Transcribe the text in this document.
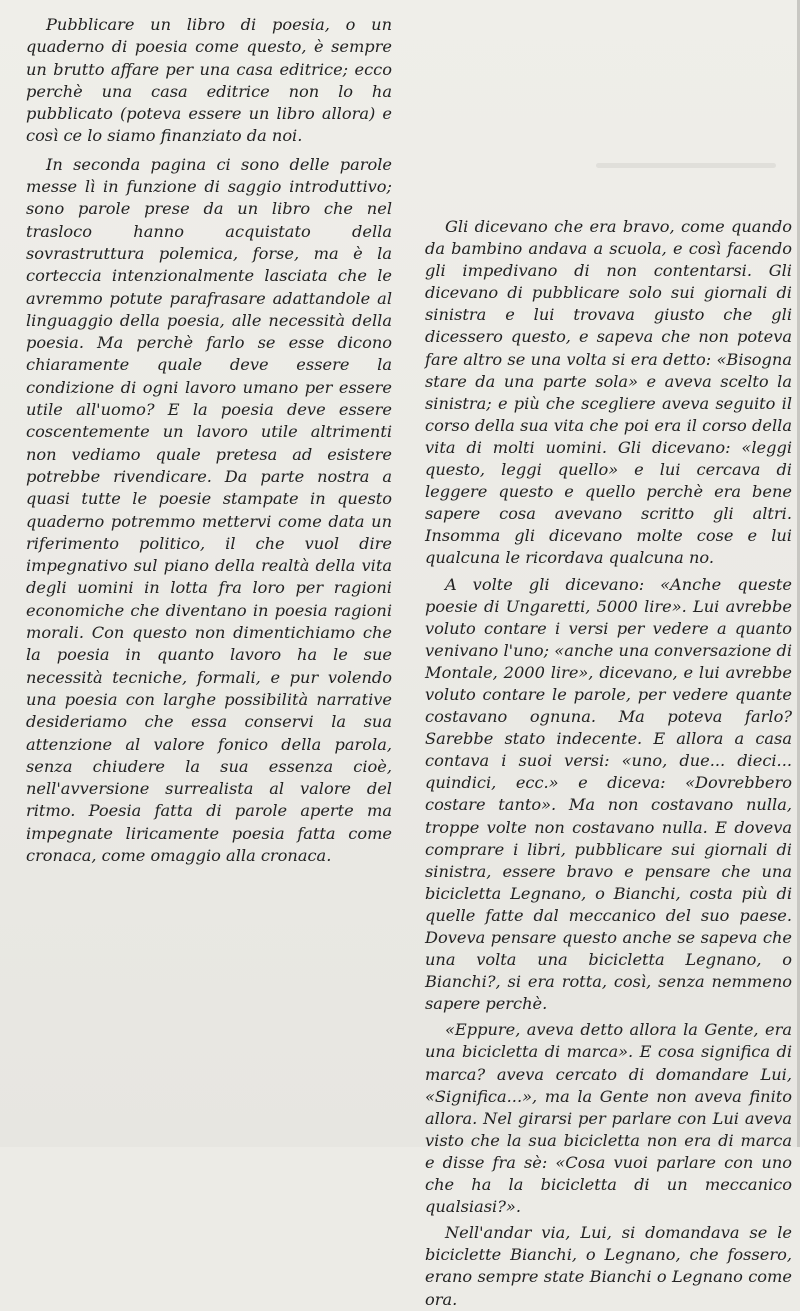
Pubblicare un libro di poesia, o un quaderno di poesia come questo, è sempre un brutto affare per una casa editrice; ecco perchè una casa editrice non lo ha pubblicato (poteva essere un libro allora) e così ce lo siamo finanziato da noi.

In seconda pagina ci sono delle parole messe lì in funzione di saggio introduttivo; sono parole prese da un libro che nel trasloco hanno acquistato della sovrastruttura polemica, forse, ma è la corteccia intenzionalmente lasciata che le avremmo potute parafrasare adattandole al linguaggio della poesia, alle necessità della poesia. Ma perchè farlo se esse dicono chiaramente quale deve essere la condizione di ogni lavoro umano per essere utile all'uomo? E la poesia deve essere coscentemente un lavoro utile altrimenti non vediamo quale pretesa ad esistere potrebbe rivendicare. Da parte nostra a quasi tutte le poesie stampate in questo quaderno potremmo mettervi come data un riferimento politico, il che vuol dire impegnativo sul piano della realtà della vita degli uomini in lotta fra loro per ragioni economiche che diventano in poesia ragioni morali. Con questo non dimentichiamo che la poesia in quanto lavoro ha le sue necessità tecniche, formali, e pur volendo una poesia con larghe possibilità narrative desideriamo che essa conservi la sua attenzione al valore fonico della parola, senza chiudere la sua essenza cioè, nell'avversione surrealista al valore del ritmo. Poesia fatta di parole aperte ma impegnate liricamente poesia fatta come cronaca, come omaggio alla cronaca.

Gli dicevano che era bravo, come quando da bambino andava a scuola, e così facendo gli impedivano di non contentarsi. Gli dicevano di pubblicare solo sui giornali di sinistra e lui trovava giusto che gli dicessero questo, e sapeva che non poteva fare altro se una volta si era detto: «Bisogna stare da una parte sola» e aveva scelto la sinistra; e più che scegliere aveva seguito il corso della sua vita che poi era il corso della vita di molti uomini. Gli dicevano: «leggi questo, leggi quello» e lui cercava di leggere questo e quello perchè era bene sapere cosa avevano scritto gli altri. Insomma gli dicevano molte cose e lui qualcuna le ricordava qualcuna no.

A volte gli dicevano: «Anche queste poesie di Ungaretti, 5000 lire». Lui avrebbe voluto contare i versi per vedere a quanto venivano l'uno; «anche una conversazione di Montale, 2000 lire», dicevano, e lui avrebbe voluto contare le parole, per vedere quante costavano ognuna. Ma poteva farlo? Sarebbe stato indecente. E allora a casa contava i suoi versi: «uno, due... dieci... quindici, ecc.» e diceva: «Dovrebbero costare tanto». Ma non costavano nulla, troppe volte non costavano nulla. E doveva comprare i libri, pubblicare sui giornali di sinistra, essere bravo e pensare che una bicicletta Legnano, o Bianchi, costa più di quelle fatte dal meccanico del suo paese. Doveva pensare questo anche se sapeva che una volta una bicicletta Legnano, o Bianchi?, si era rotta, così, senza nemmeno sapere perchè.

«Eppure, aveva detto allora la Gente, era una bicicletta di marca». E cosa significa di marca? aveva cercato di domandare Lui, «Significa...», ma la Gente non aveva finito allora. Nel girarsi per parlare con Lui aveva visto che la sua bicicletta non era di marca e disse fra sè: «Cosa vuoi parlare con uno che ha la bicicletta di un meccanico qualsiasi?».

Nell'andar via, Lui, si domandava se le biciclette Bianchi, o Legnano, che fossero, erano sempre state Bianchi o Legnano come ora.
